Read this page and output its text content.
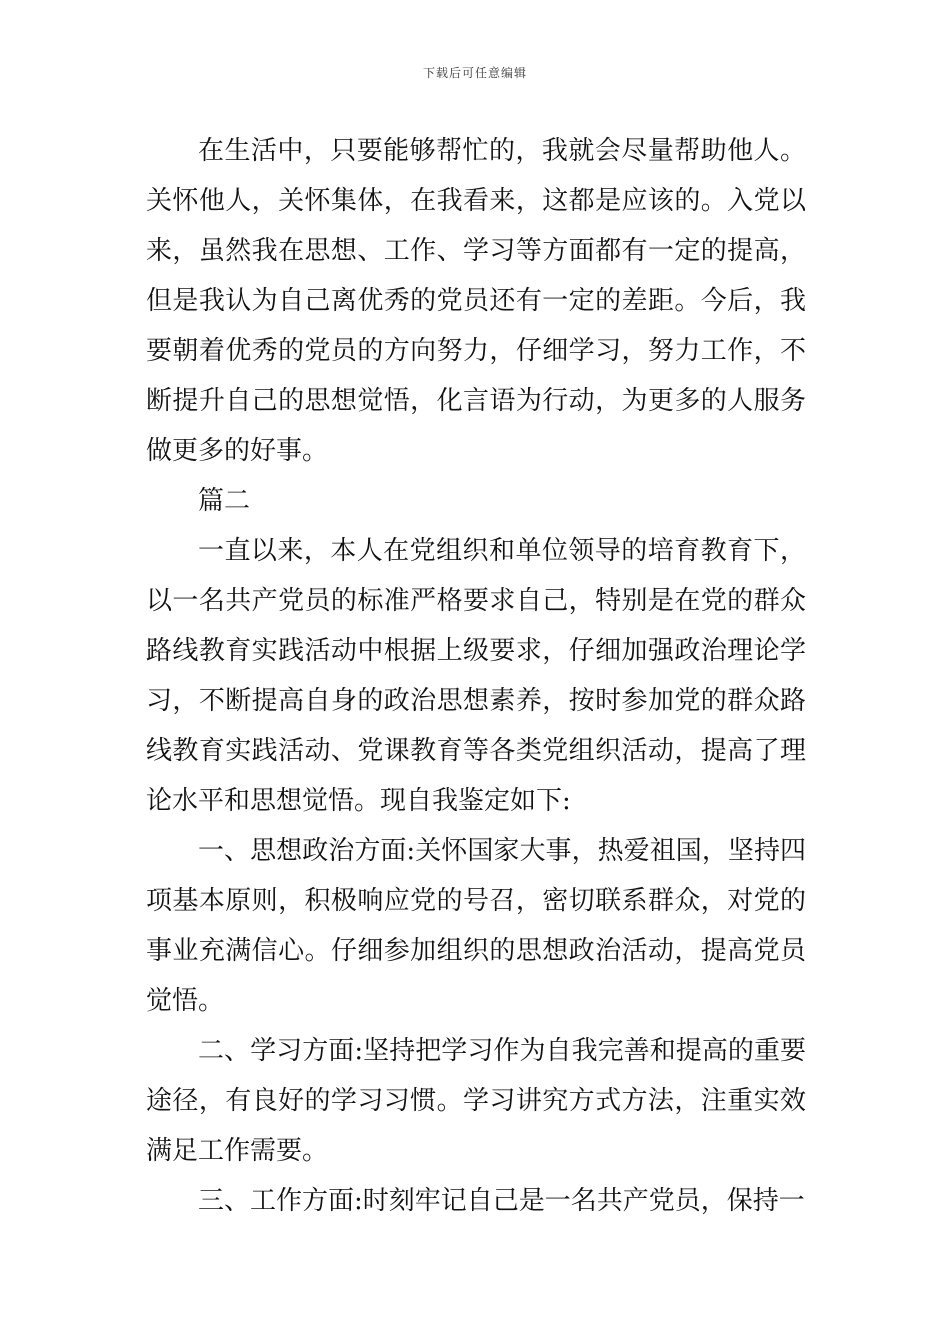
下载后可任意编辑

在生活中，只要能够帮忙的，我就会尽量帮助他人。关怀他人，关怀集体，在我看来，这都是应该的。入党以来，虽然我在思想、工作、学习等方面都有一定的提高，但是我认为自己离优秀的党员还有一定的差距。今后，我要朝着优秀的党员的方向努力，仔细学习，努力工作，不断提升自己的思想觉悟，化言语为行动，为更多的人服务做更多的好事。

篇二

一直以来，本人在党组织和单位领导的培育教育下，以一名共产党员的标准严格要求自己，特别是在党的群众路线教育实践活动中根据上级要求，仔细加强政治理论学习，不断提高自身的政治思想素养，按时参加党的群众路线教育实践活动、党课教育等各类党组织活动，提高了理论水平和思想觉悟。现自我鉴定如下:

一、思想政治方面:关怀国家大事，热爱祖国，坚持四项基本原则，积极响应党的号召，密切联系群众，对党的事业充满信心。仔细参加组织的思想政治活动，提高党员觉悟。

二、学习方面:坚持把学习作为自我完善和提高的重要途径，有良好的学习习惯。学习讲究方式方法，注重实效满足工作需要。

三、工作方面:时刻牢记自己是一名共产党员，保持一
